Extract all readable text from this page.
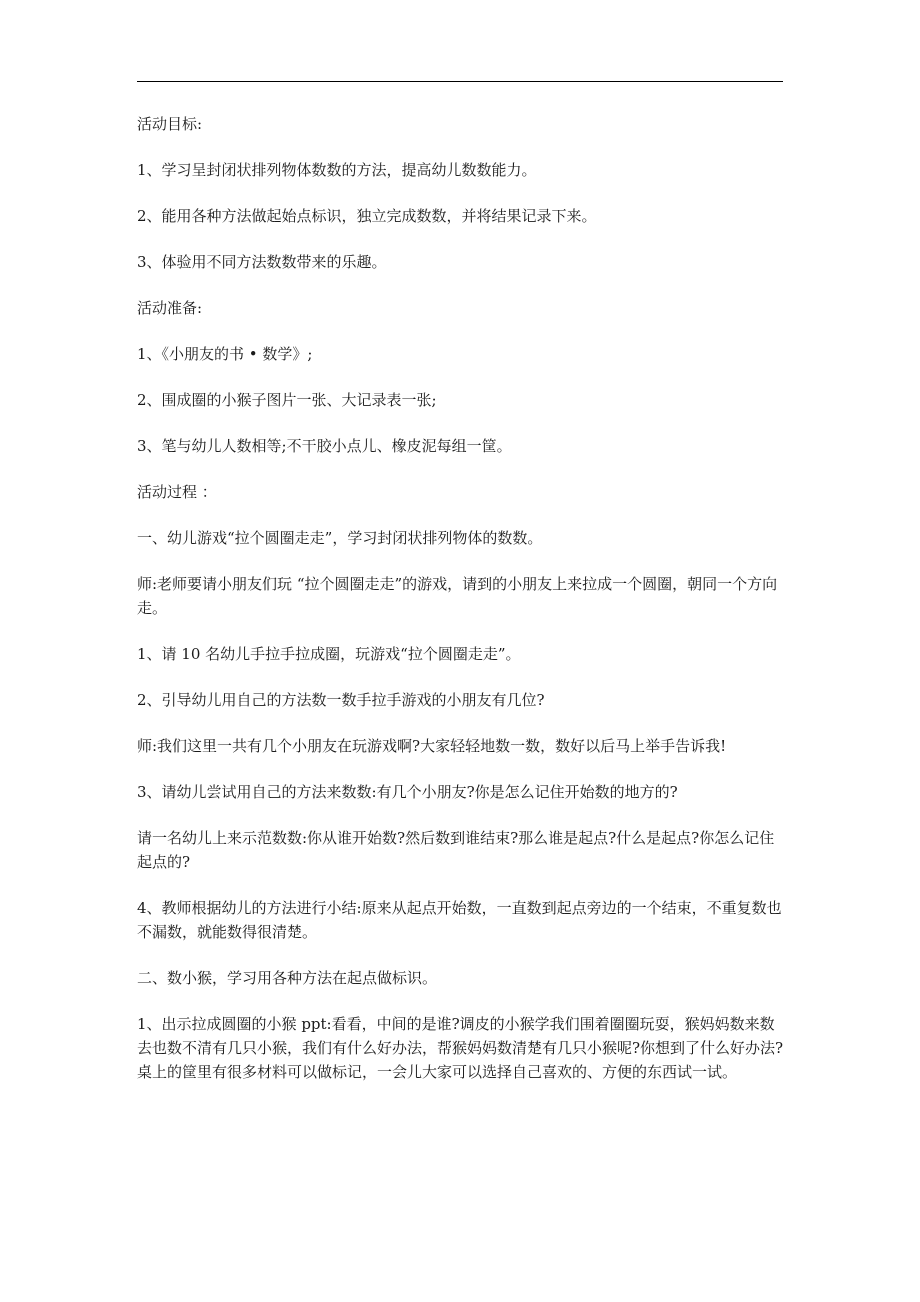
活动目标:

1、学习呈封闭状排列物体数数的方法，提高幼儿数数能力。

2、能用各种方法做起始点标识，独立完成数数，并将结果记录下来。

3、体验用不同方法数数带来的乐趣。

活动准备:

1、《小朋友的书 • 数学》;

2、围成圈的小猴子图片一张、大记录表一张;

3、笔与幼儿人数相等;不干胶小点儿、橡皮泥每组一筐。

活动过程 ：

一、幼儿游戏“拉个圆圈走走”，学习封闭状排列物体的数数。

师:老师要请小朋友们玩 “拉个圆圈走走”的游戏，请到的小朋友上来拉成一个圆圈，朝同一个方向走。

1、请 10 名幼儿手拉手拉成圈，玩游戏“拉个圆圈走走”。

2、引导幼儿用自己的方法数一数手拉手游戏的小朋友有几位?

师:我们这里一共有几个小朋友在玩游戏啊?大家轻轻地数一数，数好以后马上举手告诉我!

3、请幼儿尝试用自己的方法来数数:有几个小朋友?你是怎么记住开始数的地方的?

请一名幼儿上来示范数数:你从谁开始数?然后数到谁结束?那么谁是起点?什么是起点?你怎么记住起点的?

4、教师根据幼儿的方法进行小结:原来从起点开始数，一直数到起点旁边的一个结束，不重复数也不漏数，就能数得很清楚。

二、数小猴，学习用各种方法在起点做标识。

1、出示拉成圆圈的小猴 ppt:看看，中间的是谁?调皮的小猴学我们围着圈圈玩耍，猴妈妈数来数去也数不清有几只小猴，我们有什么好办法，帮猴妈妈数清楚有几只小猴呢?你想到了什么好办法?桌上的筐里有很多材料可以做标记，一会儿大家可以选择自己喜欢的、方便的东西试一试。
